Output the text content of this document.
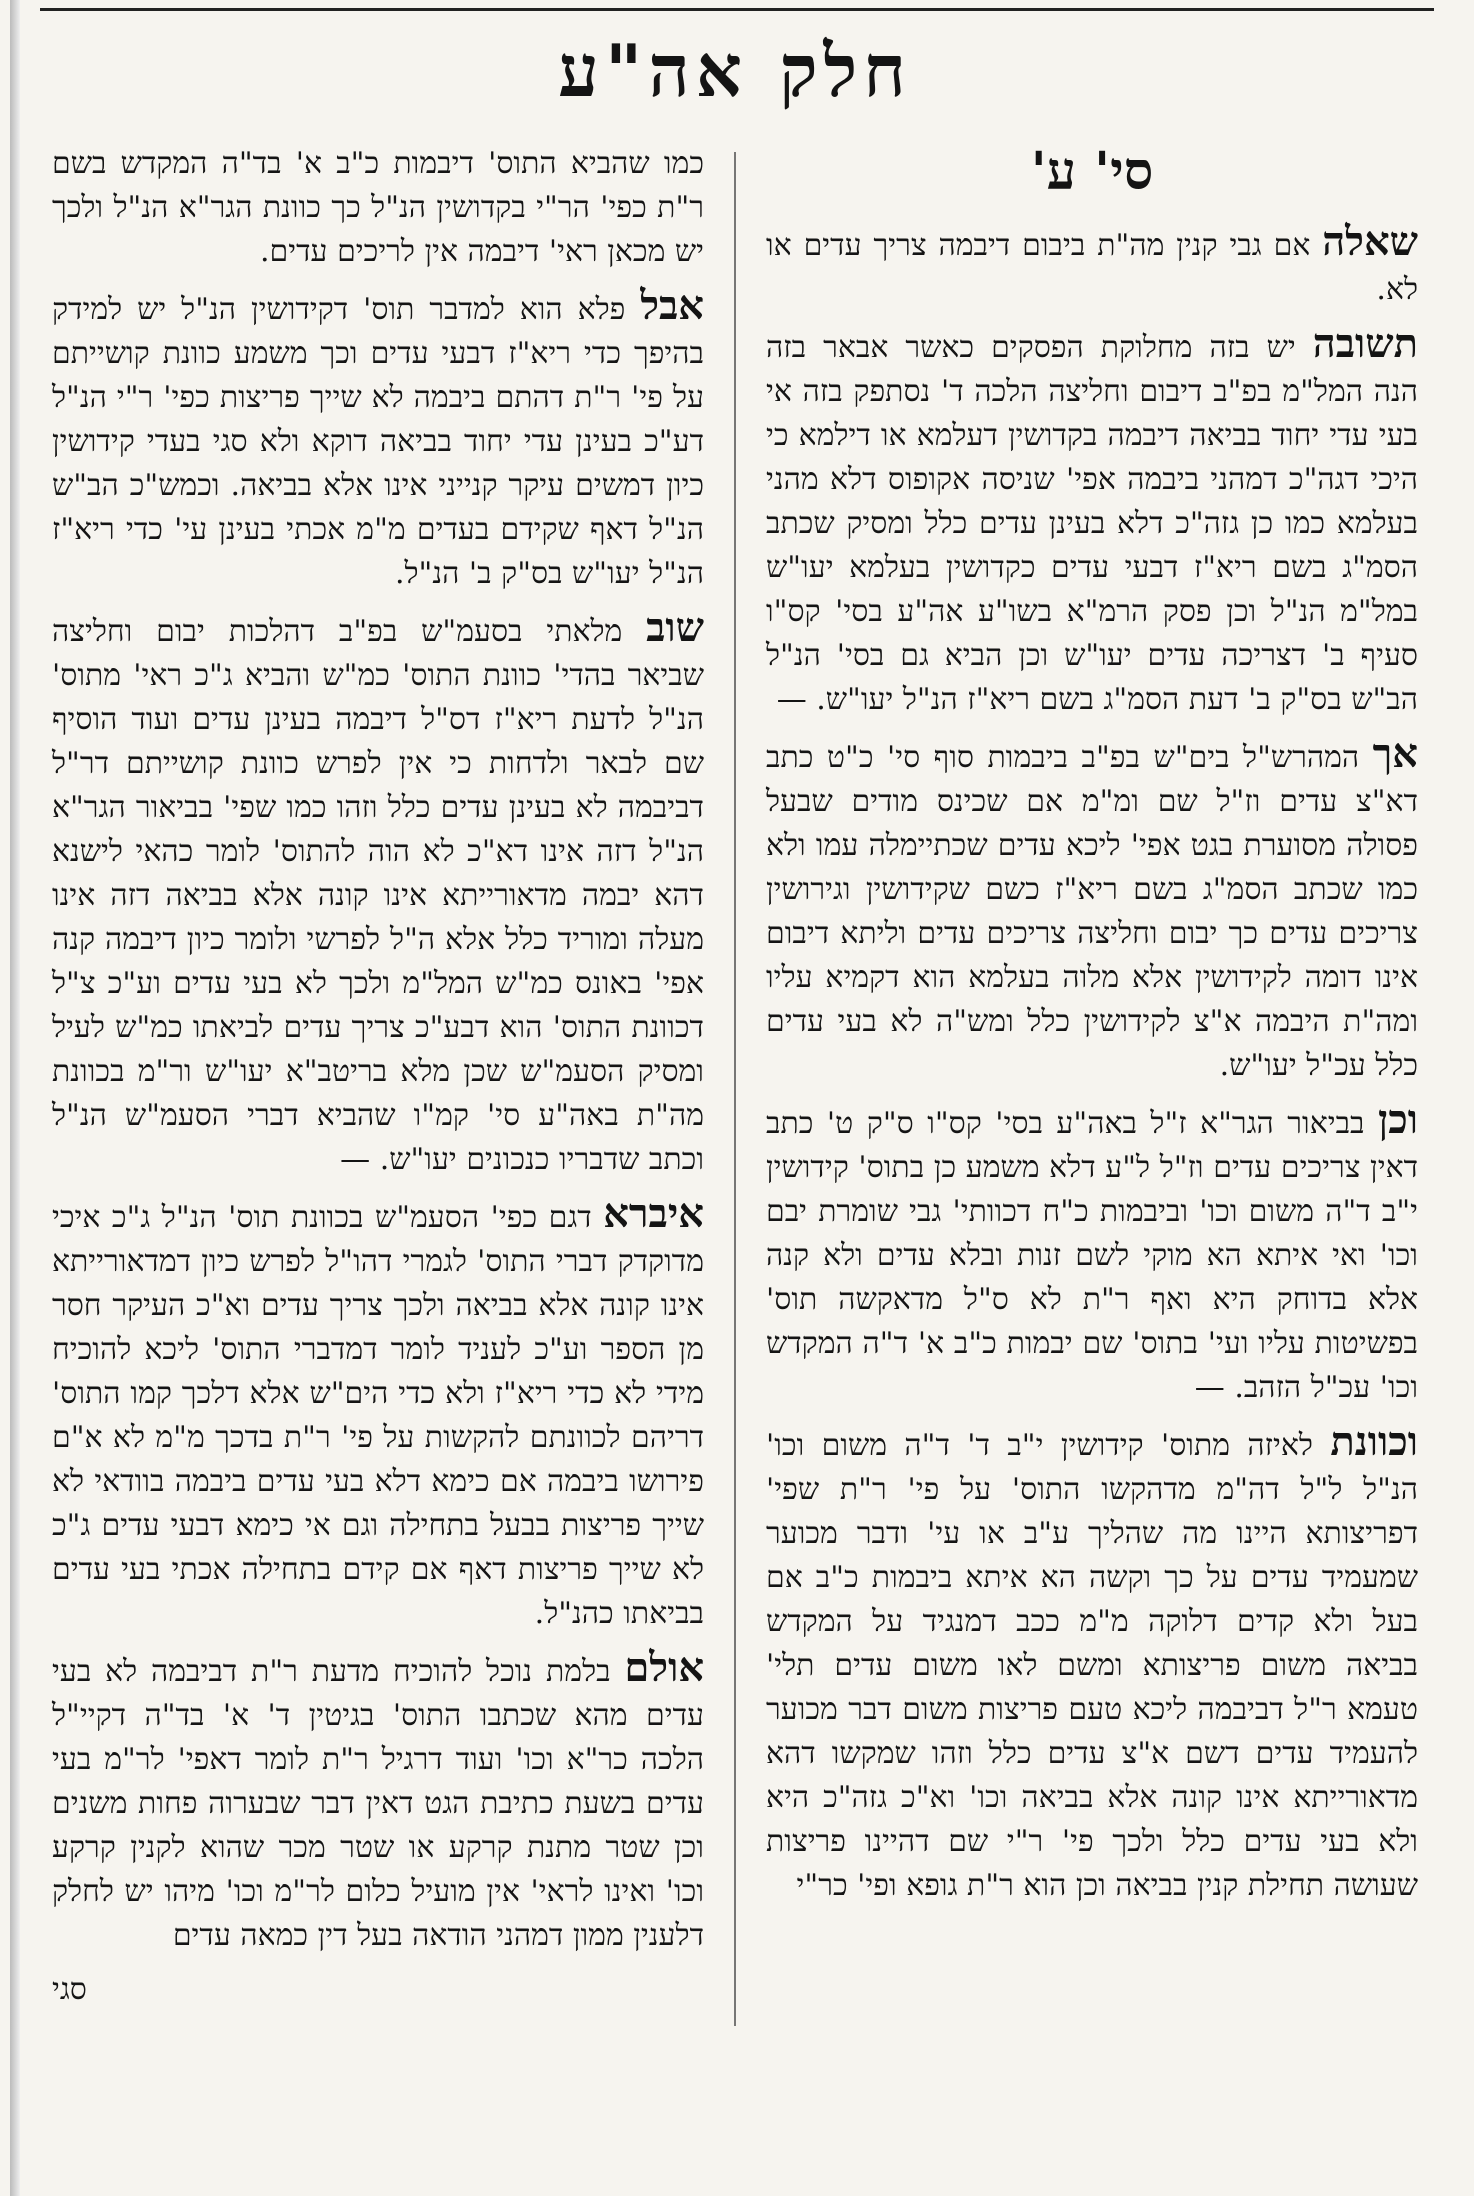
חלק אה"ע
סי' ע'

שאלה אם גבי קנין מה"ת ביבום דיבמה צריך עדים או לא.

תשובה יש בזה מחלוקת הפסקים כאשר אבאר בזה הנה המל"מ בפ"ב דיבום וחליצה הלכה ד' נסתפק בזה אי בעי עדי יחוד בביאה דיבמה בקדושין דעלמא או דילמא כי היכי דגה"כ דמהני ביבמה אפי' שניסה אקופוס דלא מהני בעלמא כמו כן גזה"כ דלא בעינן עדים כלל ומסיק שכתב הסמ"ג בשם ריא"ז דבעי עדים כקדושין בעלמא יעו"ש במל"מ הנ"ל וכן פסק הרמ"א בשו"ע אה"ע בסי' קס"ו סעיף ב' דצריכה עדים יעו"ש וכן הביא גם בסי' הנ"ל הב"ש בס"ק ב' דעת הסמ"ג בשם ריא"ז הנ"ל יעו"ש. —

אך המהרש"ל בים"ש בפ"ב ביבמות סוף סי' כ"ט כתב דא"צ עדים וז"ל שם ומ"מ אם שכינס מודים שבעל פסולה מסוערת בגט אפי' ליכא עדים שכתיימלה עמו ולא כמו שכתב הסמ"ג בשם ריא"ז כשם שקידושין וגירושין צריכים עדים כך יבום וחליצה צריכים עדים וליתא דיבום אינו דומה לקידושין אלא מלוה בעלמא הוא דקמיא עליו ומה"ת היבמה א"צ לקידושין כלל ומש"ה לא בעי עדים כלל עכ"ל יעו"ש.

וכן בביאור הגר"א ז"ל באה"ע בסי' קס"ו ס"ק ט' כתב דאין צריכים עדים וז"ל ל"ע דלא משמע כן בתוס' קידושין י"ב ד"ה משום וכו' וביבמות כ"ח דכוותי' גבי שומרת יבם וכו' ואי איתא הא מוקי לשם זנות ובלא עדים ולא קנה אלא בדוחק היא ואף ר"ת לא ס"ל מדאקשה תוס' בפשיטות עליו ועי' בתוס' שם יבמות כ"ב א' ד"ה המקדש וכו' עכ"ל הזהב. —

וכוונת לאיזה מתוס' קידושין י"ב ד' ד"ה משום וכו' הנ"ל ל"ל דה"מ מדהקשו התוס' על פי' ר"ת שפי' דפריצותא היינו מה שהליך ע"ב או עי' ודבר מכוער שמעמיד עדים על כך וקשה הא איתא ביבמות כ"ב אם בעל ולא קדים דלוקה מ"מ ככב דמנגיד על המקדש בביאה משום פריצותא ומשם לאו משום עדים תלי' טעמא ר"ל דביבמה ליכא טעם פריצות משום דבר מכוער להעמיד עדים דשם א"צ עדים כלל וזהו שמקשו דהא מדאורייתא אינו קונה אלא בביאה וכו' וא"כ גזה"כ היא ולא בעי עדים כלל ולכך פי' ר"י שם דהיינו פריצות שעושה תחילת קנין בביאה וכן הוא ר"ת גופא ופי' כר"י

כמו שהביא התוס' דיבמות כ"ב א' בד"ה המקדש בשם ר"ת כפי' הר"י בקדושין הנ"ל כך כוונת הגר"א הנ"ל ולכך יש מכאן ראי' דיבמה אין לריכים עדים.

אבל פלא הוא למדבר תוס' דקידושין הנ"ל יש למידק בהיפך כדי ריא"ז דבעי עדים וכך משמע כוונת קושייתם על פי' ר"ת דהתם ביבמה לא שייך פריצות כפי' ר"י הנ"ל דע"כ בעינן עדי יחוד בביאה דוקא ולא סגי בעדי קידושין כיון דמשים עיקר קנייני אינו אלא בביאה. וכמש"כ הב"ש הנ"ל דאף שקידם בעדים מ"מ אכתי בעינן עי' כדי ריא"ז הנ"ל יעו"ש בס"ק ב' הנ"ל.

שוב מלאתי בסעמ"ש בפ"ב דהלכות יבום וחליצה שביאר בהדי' כוונת התוס' כמ"ש והביא ג"כ ראי' מתוס' הנ"ל לדעת ריא"ז דס"ל דיבמה בעינן עדים ועוד הוסיף שם לבאר ולדחות כי אין לפרש כוונת קושייתם דר"ל דביבמה לא בעינן עדים כלל וזהו כמו שפי' בביאור הגר"א הנ"ל דזה אינו דא"כ לא הוה להתוס' לומר כהאי לישנא דהא יבמה מדאורייתא אינו קונה אלא בביאה דזה אינו מעלה ומוריד כלל אלא ה"ל לפרשי ולומר כיון דיבמה קנה אפי' באונס כמ"ש המל"מ ולכך לא בעי עדים וע"כ צ"ל דכוונת התוס' הוא דבע"כ צריך עדים לביאתו כמ"ש לעיל ומסיק הסעמ"ש שכן מלא בריטב"א יעו"ש ור"מ בכוונת מה"ת באה"ע סי' קמ"ו שהביא דברי הסעמ"ש הנ"ל וכתב שדבריו כנכונים יעו"ש. —

איברא דגם כפי' הסעמ"ש בכוונת תוס' הנ"ל ג"כ איכי מדוקדק דברי התוס' לגמרי דהו"ל לפרש כיון דמדאורייתא אינו קונה אלא בביאה ולכך צריך עדים וא"כ העיקר חסר מן הספר וע"כ לעניד לומר דמדברי התוס' ליכא להוכיח מידי לא כדי ריא"ז ולא כדי הים"ש אלא דלכך קמו התוס' דריהם לכוונתם להקשות על פי' ר"ת בדכך מ"מ לא א"ם פירושו ביבמה אם כימא דלא בעי עדים ביבמה בוודאי לא שייך פריצות בבעל בתחילה וגם אי כימא דבעי עדים ג"כ לא שייך פריצות דאף אם קידם בתחילה אכתי בעי עדים בביאתו כהנ"ל.

אולם בלמת נוכל להוכיח מדעת ר"ת דביבמה לא בעי עדים מהא שכתבו התוס' בגיטין ד' א' בד"ה דקיי"ל הלכה כר"א וכו' ועוד דרגיל ר"ת לומר דאפי' לר"מ בעי עדים בשעת כתיבת הגט דאין דבר שבערוה פחות משנים וכן שטר מתנת קרקע או שטר מכר שהוא לקנין קרקע וכו' ואינו לראי' אין מועיל כלום לר"מ וכו' מיהו יש לחלק דלענין ממון דמהני הודאה בעל דין כמאה עדים

סגי
